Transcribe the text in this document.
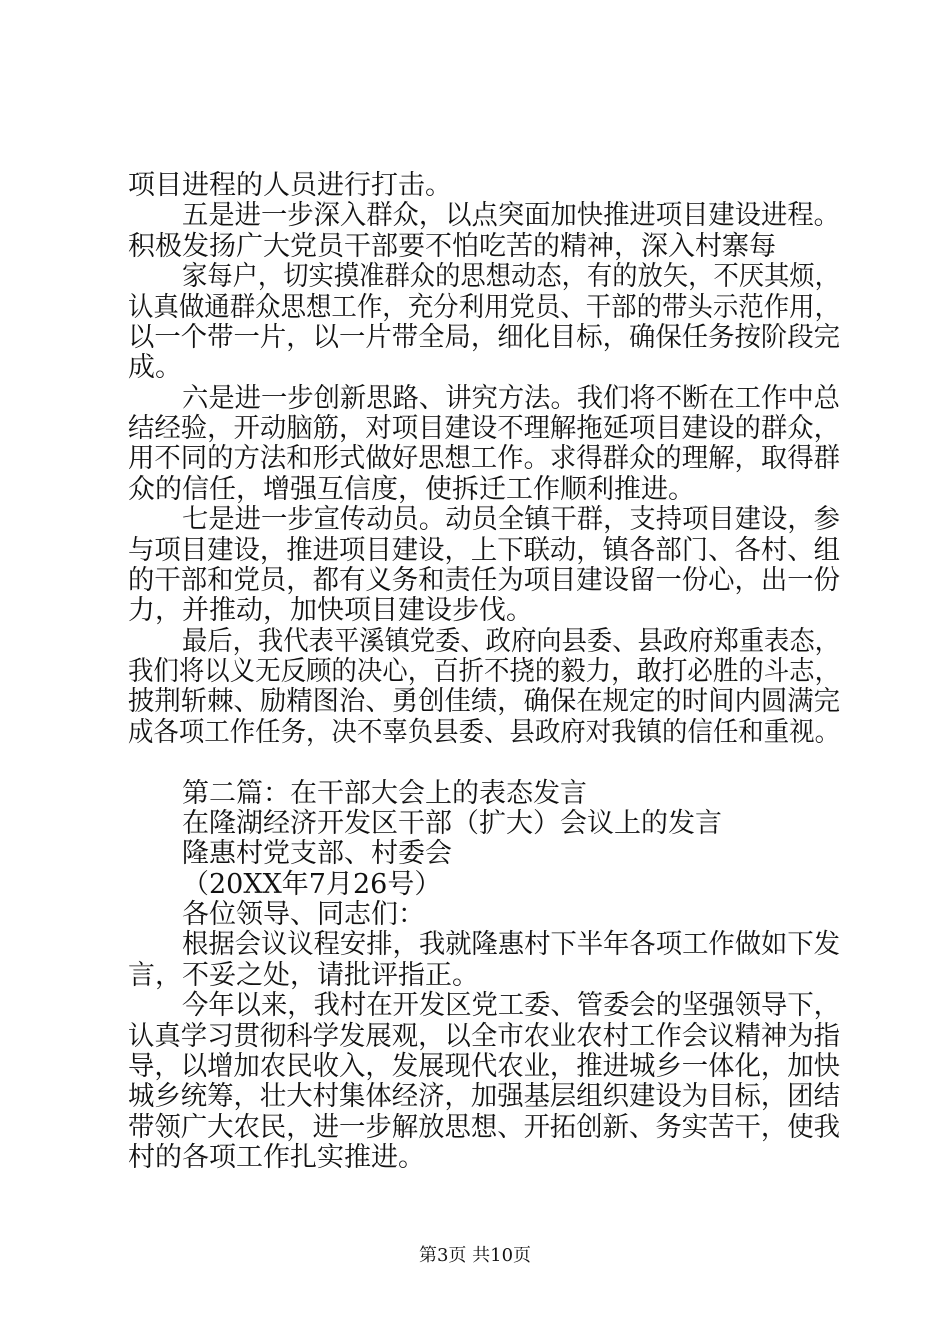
项目进程的人员进行打击。
五是进一步深入群众，以点突面加快推进项目建设进程。
积极发扬广大党员干部要不怕吃苦的精神，深入村寨每
家每户，切实摸准群众的思想动态，有的放矢，不厌其烦，
认真做通群众思想工作，充分利用党员、干部的带头示范作用，
以一个带一片，以一片带全局，细化目标，确保任务按阶段完
成。
六是进一步创新思路、讲究方法。我们将不断在工作中总
结经验，开动脑筋，对项目建设不理解拖延项目建设的群众，
用不同的方法和形式做好思想工作。求得群众的理解，取得群
众的信任，增强互信度，使拆迁工作顺利推进。
七是进一步宣传动员。动员全镇干群，支持项目建设，参
与项目建设，推进项目建设，上下联动，镇各部门、各村、组
的干部和党员，都有义务和责任为项目建设留一份心，出一份
力，并推动，加快项目建设步伐。
最后，我代表平溪镇党委、政府向县委、县政府郑重表态，
我们将以义无反顾的决心，百折不挠的毅力，敢打必胜的斗志，
披荆斩棘、励精图治、勇创佳绩，确保在规定的时间内圆满完
成各项工作任务，决不辜负县委、县政府对我镇的信任和重视。
第二篇：在干部大会上的表态发言
在隆湖经济开发区干部（扩大）会议上的发言
隆惠村党支部、村委会
（20XX年7月26号）
各位领导、同志们：
根据会议议程安排，我就隆惠村下半年各项工作做如下发
言，不妥之处，请批评指正。
今年以来，我村在开发区党工委、管委会的坚强领导下，
认真学习贯彻科学发展观，以全市农业农村工作会议精神为指
导，以增加农民收入，发展现代农业，推进城乡一体化，加快
城乡统筹，壮大村集体经济，加强基层组织建设为目标，团结
带领广大农民，进一步解放思想、开拓创新、务实苦干，使我
村的各项工作扎实推进。
第3页 共10页
